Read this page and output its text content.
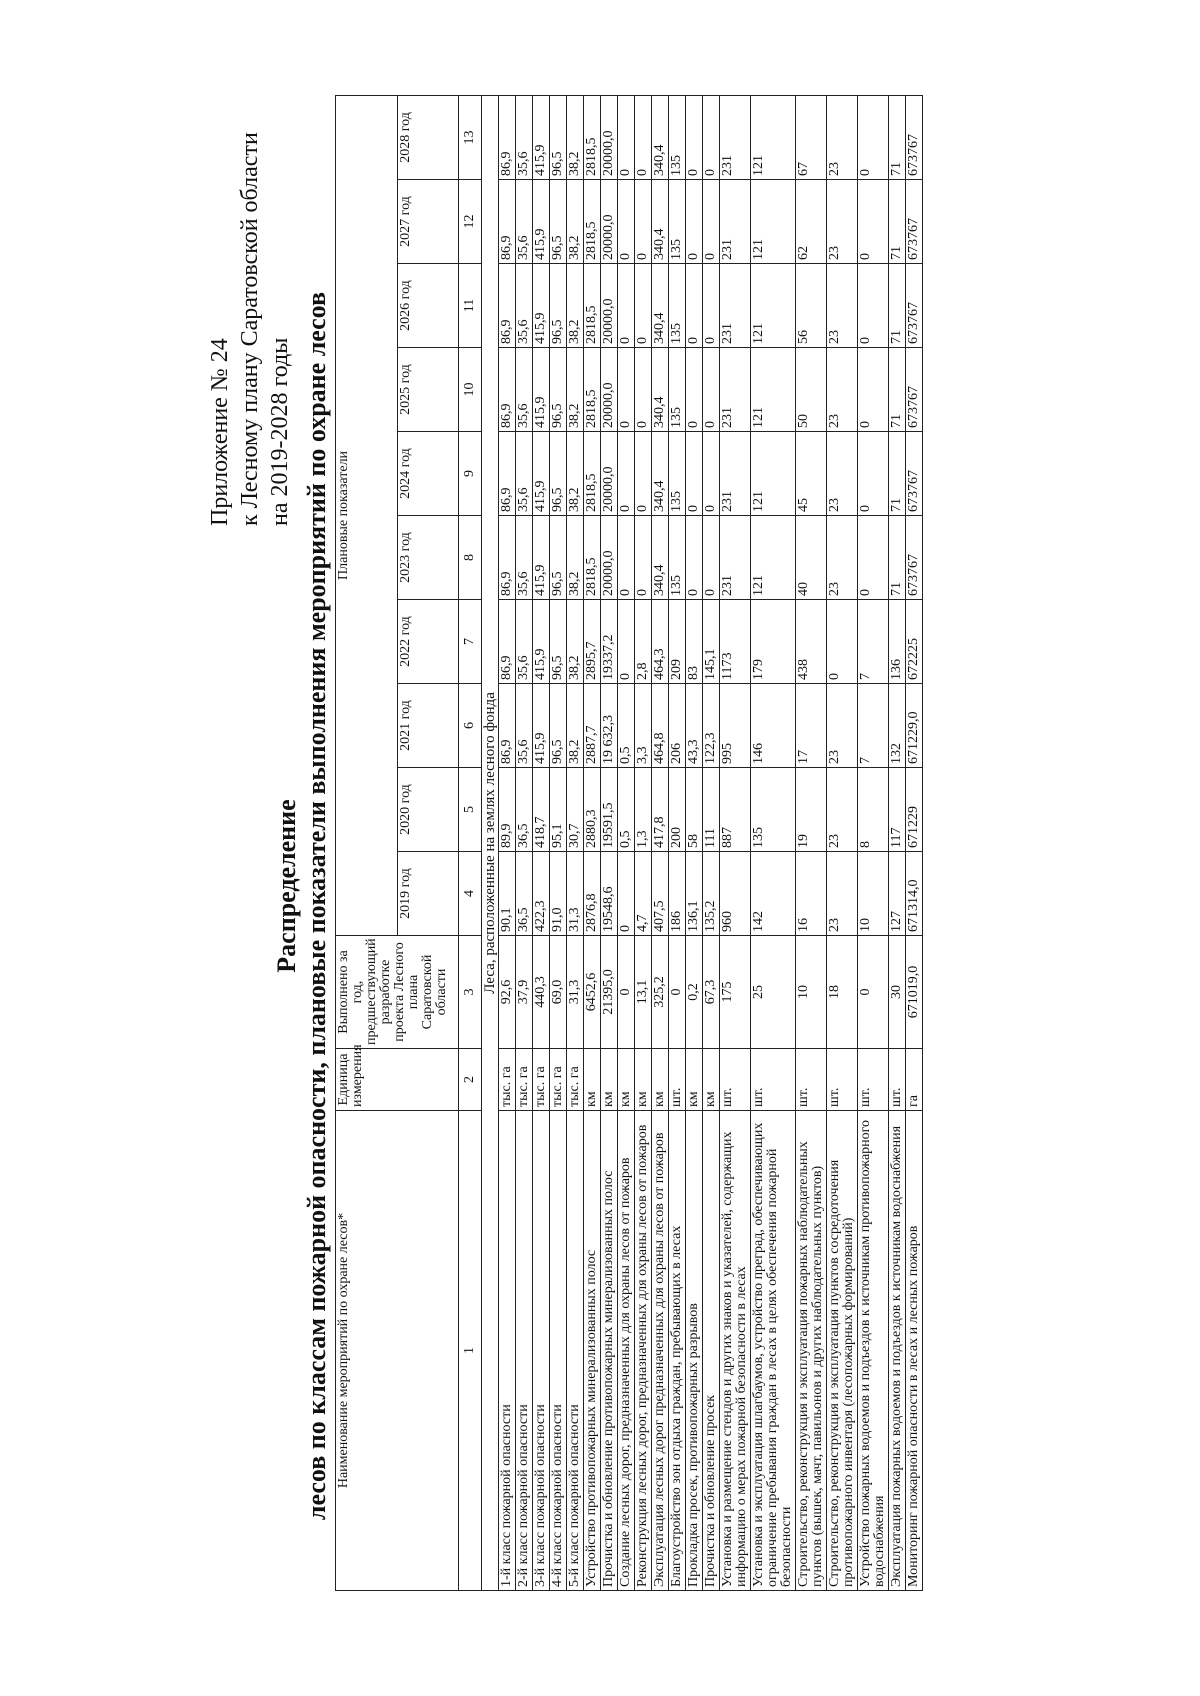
Приложение № 24 к Лесному плану Саратовской области на 2019-2028 годы
Распределение лесов по классам пожарной опасности, плановые показатели выполнения мероприятий по охране лесов Наименование мероприятий по охране лесов*	Единица измерения	Выполнено за год, предшествующий разработке проекта Лесного плана Саратовской области	Плановые показатели									
			2019 год	2020 год	2021 год	2022 год	2023 год	2024 год	2025 год	2026 год	2027 год	2028 год
1	2	3	4	5	6	7	8	9	10	11	12	13
Леса, расположенные на землях лесного фонда												
1-й класс пожарной опасности	тыс. га	92,6	90,1	89,9	86,9	86,9	86,9	86,9	86,9	86,9	86,9	86,9
2-й класс пожарной опасности	тыс. га	37,9	36,5	36,5	35,6	35,6	35,6	35,6	35,6	35,6	35,6	35,6
3-й класс пожарной опасности	тыс. га	440,3	422,3	418,7	415,9	415,9	415,9	415,9	415,9	415,9	415,9	415,9
4-й класс пожарной опасности	тыс. га	69,0	91,0	95,1	96,5	96,5	96,5	96,5	96,5	96,5	96,5	96,5
5-й класс пожарной опасности	тыс. га	31,3	31,3	30,7	38,2	38,2	38,2	38,2	38,2	38,2	38,2	38,2
Устройство противопожарных минерализованных полос	км	6452,6	2876,8	2880,3	2887,7	2895,7	2818,5	2818,5	2818,5	2818,5	2818,5	2818,5
Прочистка и обновление противопожарных минерализованных полос	км	21395,0	19548,6	19591,5	19 632,3	19337,2	20000,0	20000,0	20000,0	20000,0	20000,0	20000,0
Создание лесных дорог, предназначенных для охраны лесов от пожаров	км	0	0	0,5	0,5	0	0	0	0	0	0	0
Реконструкция лесных дорог, предназначенных для охраны лесов от пожаров	км	13,1	4,7	1,3	3,3	2,8	0	0	0	0	0	0
Эксплуатация лесных дорог предназначенных для охраны лесов от пожаров	км	325,2	407,5	417,8	464,8	464,3	340,4	340,4	340,4	340,4	340,4	340,4
Благоустройство зон отдыха граждан, пребывающих в лесах	шт.	0	186	200	206	209	135	135	135	135	135	135
Прокладка просек, противопожарных разрывов	км	0,2	136,1	58	43,3	83	0	0	0	0	0	0
Прочистка и обновление просек	км	67,3	135,2	111	122,3	145,1	0	0	0	0	0	0
Установка и размещение стендов и других знаков и указателей, содержащих информацию о мерах пожарной безопасности в лесах	шт.	175	960	887	995	1173	231	231	231	231	231	231
Установка и эксплуатация шлагбаумов, устройство преград, обеспечивающих ограничение пребывания граждан в лесах в целях обеспечения пожарной безопасности	шт.	25	142	135	146	179	121	121	121	121	121	121
Строительство, реконструкция и эксплуатация пожарных наблюдательных пунктов (вышек, мачт, павильонов и других наблюдательных пунктов)	шт.	10	16	19	17	438	40	45	50	56	62	67
Строительство, реконструкция и эксплуатация пунктов сосредоточения противопожарного инвентаря (лесопожарных формирований)	шт.	18	23	23	23	0	23	23	23	23	23	23
Устройство пожарных водоемов и подъездов к источникам противопожарного водоснабжения	шт.	0	10	8	7	7	0	0	0	0	0	0
Эксплуатация пожарных водоемов и подъездов к источникам водоснабжения	шт.	30	127	117	132	136	71	71	71	71	71	71
Мониторинг пожарной опасности в лесах и лесных пожаров	га	671019,0	671314,0	671229	671229,0	672225	673767	673767	673767	673767	673767	673767
